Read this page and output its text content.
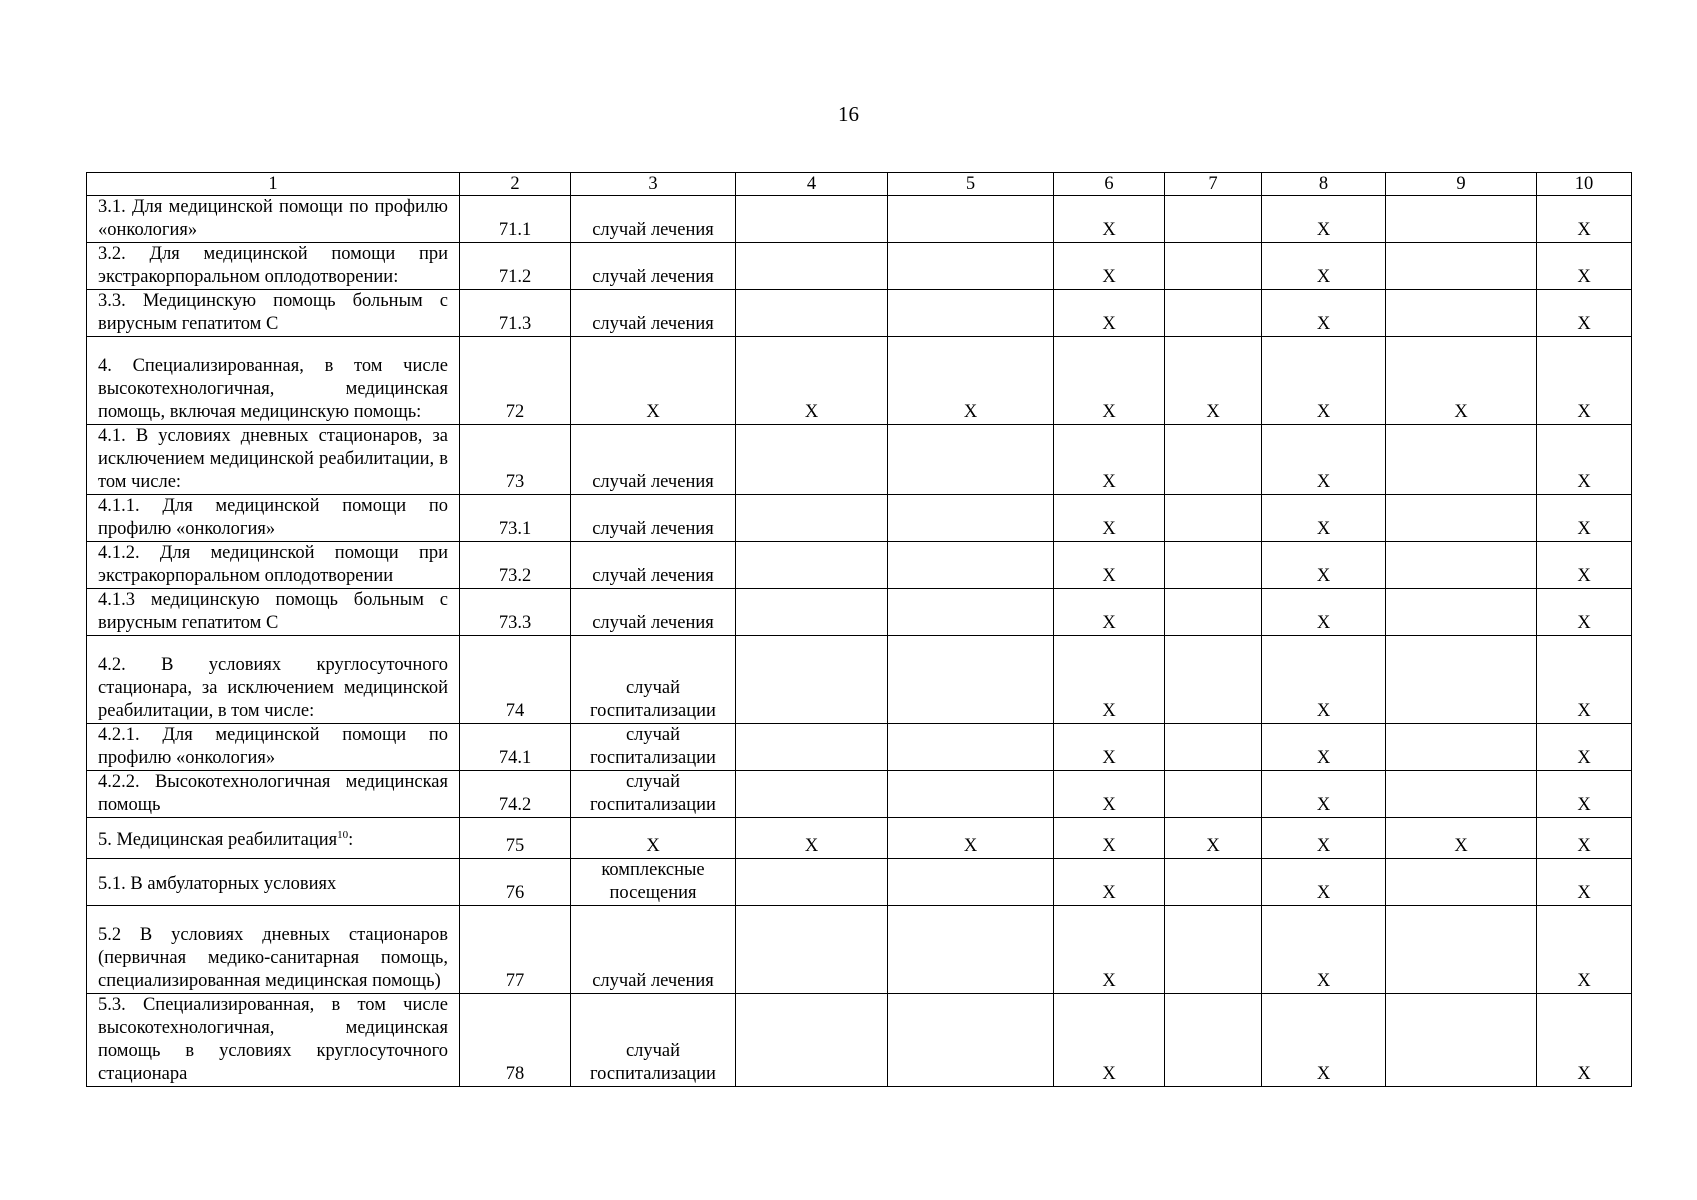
16
1	2	3	4	5	6	7	8	9	10
3.1. Для медицинской помощи по профилю «онкология»	71.1	случай лечения			Х		Х		Х
3.2. Для медицинской помощи при экстракорпоральном оплодотворении:	71.2	случай лечения			Х		Х		Х
3.3. Медицинскую помощь больным с вирусным гепатитом С	71.3	случай лечения			Х		Х		Х
4. Специализированная, в том числе высокотехнологичная, медицинская помощь, включая медицинскую помощь:	72	Х	Х	Х	Х	Х	Х	Х	Х
4.1. В условиях дневных стационаров, за исключением медицинской реабилитации, в том числе:	73	случай лечения			Х		Х		Х
4.1.1. Для медицинской помощи по профилю «онкология»	73.1	случай лечения			Х		Х		Х
4.1.2. Для медицинской помощи при экстракорпоральном оплодотворении	73.2	случай лечения			Х		Х		Х
4.1.3 медицинскую помощь больным с вирусным гепатитом С	73.3	случай лечения			Х		Х		Х
4.2. В условиях круглосуточного стационара, за исключением медицинской реабилитации, в том числе:	74	случай госпитализации			Х		Х		Х
4.2.1. Для медицинской помощи по профилю «онкология»	74.1	случай госпитализации			Х		Х		Х
4.2.2. Высокотехнологичная медицинская помощь	74.2	случай госпитализации			Х		Х		Х
5. Медицинская реабилитация$^{10}$:	75	Х	Х	Х	Х	Х	Х	Х	Х
5.1. В амбулаторных условиях	76	комплексные посещения			Х		Х		Х
5.2 В условиях дневных стационаров (первичная медико-санитарная помощь, специализированная медицинская помощь)	77	случай лечения			Х		Х		Х
5.3. Специализированная, в том числе высокотехнологичная, медицинская помощь в условиях круглосуточного стационара	78	случай госпитализации			Х		Х		Х
